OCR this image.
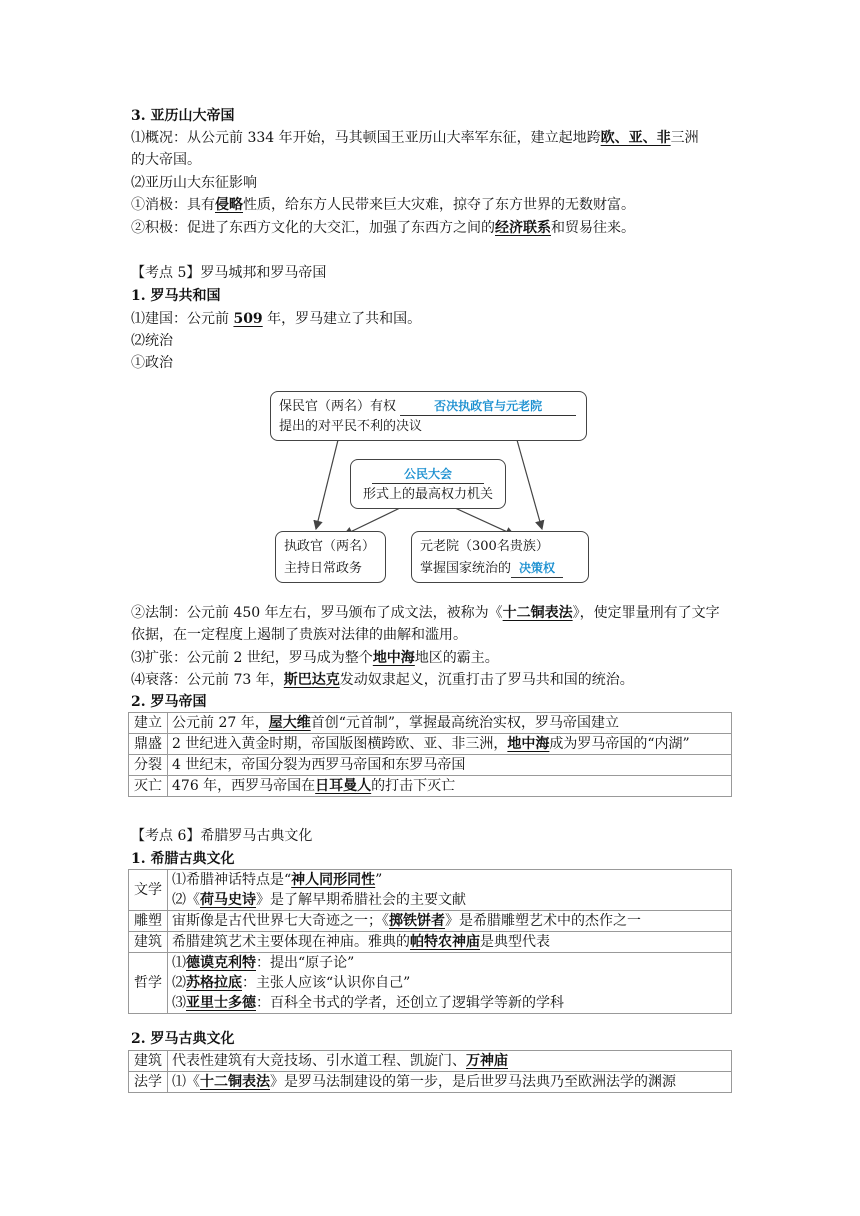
3. 亚历山大帝国
⑴概况：从公元前 334 年开始，马其顿国王亚历山大率军东征，建立起地跨欧、亚、非三洲
的大帝国。
⑵亚历山大东征影响
①消极：具有侵略性质，给东方人民带来巨大灾难，掠夺了东方世界的无数财富。
②积极：促进了东西方文化的大交汇，加强了东西方之间的经济联系和贸易往来。
【考点 5】罗马城邦和罗马帝国
1. 罗马共和国
⑴建国：公元前 509 年，罗马建立了共和国。
⑵统治
①政治
保民官（两名）有权	否决执政官与元老院
提出的对平民不利的决议
公民大会
形式上的最高权力机关
执政官（两名）
主持日常政务
元老院（300名贵族）
掌握国家统治的 决策权
②法制：公元前 450 年左右，罗马颁布了成文法，被称为《十二铜表法》，使定罪量刑有了文字
依据，在一定程度上遏制了贵族对法律的曲解和滥用。
⑶扩张：公元前 2 世纪，罗马成为整个地中海地区的霸主。
⑷衰落：公元前 73 年，斯巴达克发动奴隶起义，沉重打击了罗马共和国的统治。
2. 罗马帝国
建立	公元前 27 年，屋大维首创“元首制”，掌握最高统治实权，罗马帝国建立
鼎盛	2 世纪进入黄金时期，帝国版图横跨欧、亚、非三洲，地中海成为罗马帝国的“内湖”
分裂	4 世纪末，帝国分裂为西罗马帝国和东罗马帝国
灭亡	476 年，西罗马帝国在日耳曼人的打击下灭亡
【考点 6】希腊罗马古典文化
1. 希腊古典文化
文学	⑴希腊神话特点是“神人同形同性”
⑵《荷马史诗》是了解早期希腊社会的主要文献

雕塑	宙斯像是古代世界七大奇迹之一；《掷铁饼者》是希腊雕塑艺术中的杰作之一
建筑	希腊建筑艺术主要体现在神庙。雅典的帕特农神庙是典型代表
哲学	⑴德谟克利特：提出“原子论”
⑵苏格拉底：主张人应该“认识你自己”
⑶亚里士多德：百科全书式的学者，还创立了逻辑学等新的学科
2. 罗马古典文化
建筑	代表性建筑有大竞技场、引水道工程、凯旋门、万神庙
法学	⑴《十二铜表法》是罗马法制建设的第一步，是后世罗马法典乃至欧洲法学的渊源
